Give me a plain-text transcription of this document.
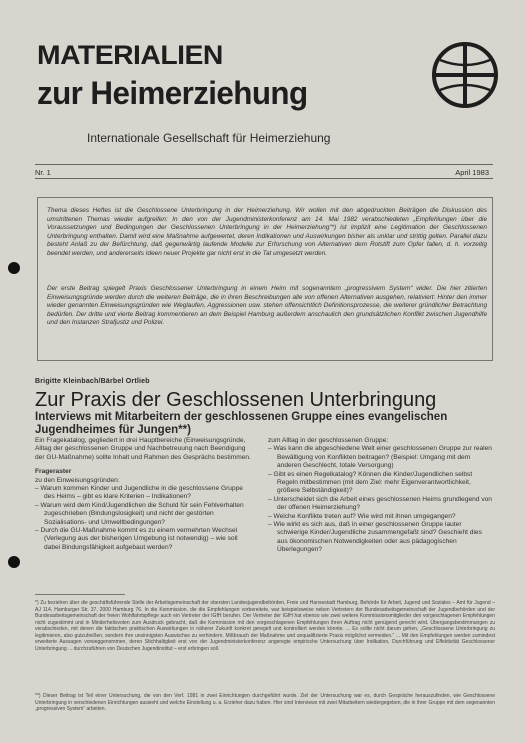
MATERIALIEN
zur Heimerziehung
Internationale Gesellschaft für Heimerziehung
Nr. 1	April 1983

Thema dieses Heftes ist die Geschlossene Unterbringung in der Heimerziehung. Wir wollen mit den abgedruckten Beiträgen die Diskussion des umstrittenen Themas wieder aufgreifen: In den von der Jugendministerkonferenz am 14. Mai 1982 verabschiedeten „Empfehlungen über die Voraussetzungen und Bedingungen der Geschlossenen Unterbringung in der Heimerziehung“*) ist implizit eine Legitimation der Geschlossenen Unterbringung enthalten. Damit wird eine Maßnahme aufgewertet, deren Indikationen und Auswirkungen bisher als unklar und strittig gelten. Parallel dazu besteht Anlaß zu der Befürchtung, daß gegenwärtig laufende Modelle zur Erforschung von Alternativen dem Rotstift zum Opfer fallen, d. h. vorzeitig beendet werden, und andererseits Ideen neuer Projekte gar nicht erst in die Tat umgesetzt werden.

Der erste Beitrag spiegelt Praxis Geschlossener Unterbringung in einem Heim mit sogenanntem „progressivem System“ wider. Die hier zitierten Einweisungsgründe werden durch die weiteren Beiträge, die in ihren Beschreibungen alle von offenen Alternativen ausgehen, relativiert: Hinter den immer wieder genannten Einweisungsgründen wie Weglaufen, Aggressionen usw. stehen offensichtlich Definitionsprozesse, die weiterer gründlicher Betrachtung bedürfen. Der dritte und vierte Beitrag kommentieren an dem Beispiel Hamburg außerdem anschaulich den grundsätzlichen Konflikt zwischen Jugendhilfe und den Instanzen Strafjustiz und Polizei.

Brigitte Kleinbach/Bärbel Ortlieb
Zur Praxis der Geschlossenen Unterbringung

Interviews mit Mitarbeitern der geschlossenen Gruppe eines evangelischen Jugendheimes für Jungen**)

Ein Fragekatalog, gegliedert in drei Hauptbereiche (Einweisungsgründe, Alltag der geschlossenen Gruppe und Nachbetreuung nach Beendigung der GU-Maßnahme) sollte Inhalt und Rahmen des Gesprächs bestimmen.

Frageraster

zu den Einweisungsgründen:

– Warum kommen Kinder und Jugendliche in die geschlossene Gruppe des Heims – gibt es klare Kriterien – Indikationen?

– Warum wird dem Kind/Jugendlichen die Schuld für sein Fehlverhalten zugeschrieben (Bindungslosigkeit) und nicht der gestörten Sozialisations- und Umweltbedingungen?

– Durch die GU-Maßnahme kommt es zu einem vermehrten Wechsel (Verlegung aus der bisherigen Umgebung ist notwendig) – wie soll dabei Bindungsfähigkeit aufgebaut werden?

zum Alltag in der geschlossenen Gruppe:

– Was kann die abgeschiedene Welt einer geschlossenen Gruppe zur realen Bewältigung von Konflikten beitragen? (Beispiel: Umgang mit dem anderen Geschlecht, totale Versorgung)

– Gibt es einen Regelkatalog? Können die Kinder/Jugendlichen selbst Regeln mitbestimmen (mit dem Ziel: mehr Eigenverantwortlichkeit, größere Selbständigkeit)?

– Unterscheidet sich die Arbeit eines geschlossenen Heims grundlegend von der offenen Heimerziehung?

– Welche Konflikte treten auf? Wie wird mit ihnen umgegangen?

– Wie wirkt es sich aus, daß in einer geschlossenen Gruppe lauter schwierige Kinder/Jugendliche zusammengefaßt sind? Geschieht dies aus ökonomischen Notwendigkeiten oder aus pädagogischen Überlegungen?

*) Zu beziehen über die geschäftsführende Stelle der Arbeitsgemeinschaft der obersten Landesjugendbehörden, Freie und Hansestadt Hamburg, Behörde für Arbeit, Jugend und Soziales – Amt für Jugend – AJ 114, Hamburger Str. 37, 2000 Hamburg 76. In die Kommission, die die Empfehlungen vorbereitete, war beispielsweise neben Vertretern der Bundesarbeitsgemeinschaft der Jugendbehörden und der Bundesarbeitsgemeinschaft der freien Wohlfahrtspflege auch ein Vertreter der IGfH berufen. Der Vertreter der IGfH hat ebenso wie zwei weitere Kommissionsmitglieder den vorgeschlagenen Empfehlungen nicht zugestimmt und in Minderheitsvoten zum Ausdruck gebracht, daß die Kommission mit den vorgeschlagenen Empfehlungen ihren Auftrag nicht genügend gerecht wird. Übergangsbestimmungen zu verabschieden, mit denen die faktischen praktischen Auswirkungen in näherer Zukunft konkret geregelt und kontrolliert werden könnte. ... Es sollte nicht darum gehen, „Geschlossene Unterbringung zu legitimieren, also gutzuheißen, sondern ihre unsinnigsten Auswüchse zu verhindern. Mißbrauch der Maßnahme und unqualifizierte Praxis möglichst vermeiden.“ ... Mit den Empfehlungen werden zumindest erweiterte Aussagen vorweggenommen, deren Stichhaltigkeit erst von der Jugendministerkonferenz angeregte empirische Untersuchung über Indikation, Durchführung und Effektivität Geschlossener Unterbringung ... durchzuführen von Deutschen Jugendinstitut – erst erbringen soll.

**) Dieser Beitrag ist Teil einer Untersuchung, die von den Verf. 1981 in zwei Einrichtungen durchgeführt wurde. Ziel der Untersuchung war es, durch Gespräche herauszufinden, wie Geschlossene Unterbringung in verschiedenen Einrichtungen aussieht und welche Einstellung u. a. Erzieher dazu haben. Hier sind Interviews mit zwei Mitarbeitern wiedergegeben, die in ihrer Gruppe mit dem sogenannten „progressiven System“ arbeiten.
